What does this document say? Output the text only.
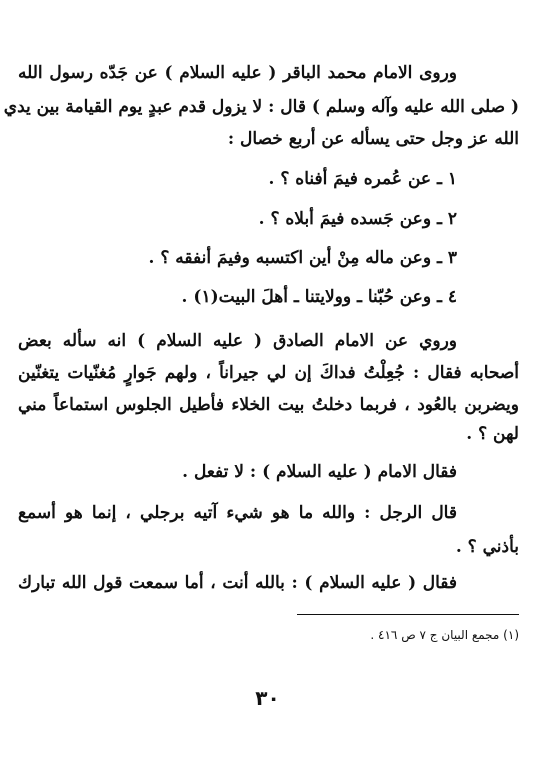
وروى الامام محمد الباقر ( عليه السلام ) عن جَدّه رسول الله
( صلى الله عليه وآله وسلم ) قال : لا يزول قدم عبدٍ يوم القيامة بين يدي
الله عز وجل حتى يسأله عن أربع خصال :
١ ـ عن عُمره فيمَ أفناه ؟ .
٢ ـ وعن جَسده فيمَ أبلاه ؟ .
٣ ـ وعن ماله مِنْ أين اكتسبه وفيمَ أنفقه ؟ .
٤ ـ وعن حُبّنا ـ وولايتنا ـ أهلَ البيت(١) .
وروي عن الامام الصادق ( عليه السلام ) انه سأله بعض
أصحابه فقال : جُعِلْتُ فداكَ إن لي جيراناً ، ولهم جَوارٍ مُغنّيات يتغنّين
ويضربن بالعُود ، فربما دخلتُ بيت الخلاء فأطيل الجلوس استماعاً مني
لهن ؟ .
فقال الامام ( عليه السلام ) : لا تفعل .
قال الرجل : والله ما هو شيء آتيه برجلي ، إنما هو أسمع
بأذني ؟ .
فقال ( عليه السلام ) : بالله أنت ، أما سمعت قول الله تبارك
(١) مجمع البيان ج ٧ ص ٤١٦ .
٣٠
